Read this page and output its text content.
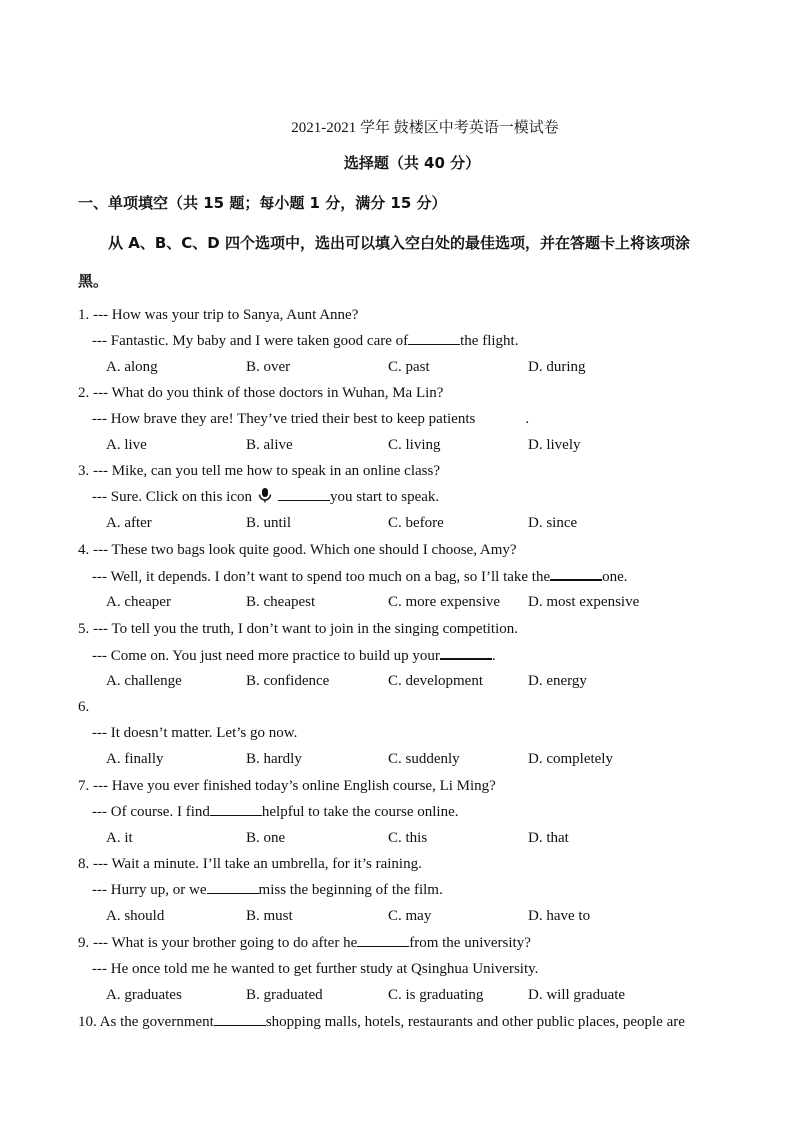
2021-2021 学年 鼓楼区中考英语一模试卷
选择题（共 40 分）
一、单项填空（共 15 题；每小题 1 分，满分 15 分）
从 A、B、C、D 四个选项中，选出可以填入空白处的最佳选项，并在答题卡上将该项涂
黑。
1. --- How was your trip to Sanya, Aunt Anne?
--- Fantastic. My baby and I were taken good care of	the flight.
A. along	B. over	C. past	D. during
2. --- What do you think of those doctors in Wuhan, Ma Lin?
--- How brave they are! They’ve tried their best to keep patients	.
A. live	B. alive	C. living	D. lively
3. --- Mike, can you tell me how to speak in an online class?
--- Sure. Click on this icon	you start to speak.
A. after	B. until	C. before	D. since
4. --- These two bags look quite good. Which one should I choose, Amy?
--- Well, it depends. I don’t want to spend too much on a bag, so I’ll take the	one.
A. cheaper	B. cheapest	C. more expensive	D. most expensive
5. --- To tell you the truth, I don’t want to join in the singing competition.
--- Come on. You just need more practice to build up your	.
A. challenge	B. confidence	C. development	D. energy
6.
--- It doesn’t matter. Let’s go now.
A. finally	B. hardly	C. suddenly	D. completely
7. --- Have you ever finished today’s online English course, Li Ming?
--- Of course. I find	helpful to take the course online.
A. it	B. one	C. this	D. that
8. --- Wait a minute. I’ll take an umbrella, for it’s raining.
--- Hurry up, or we	miss the beginning of the film.
A. should	B. must	C. may	D. have to
9. --- What is your brother going to do after he	from the university?
--- He once told me he wanted to get further study at Qsinghua University.
A. graduates	B. graduated	C. is graduating	D. will graduate
10. As the government	shopping malls, hotels, restaurants and other public places, people are
